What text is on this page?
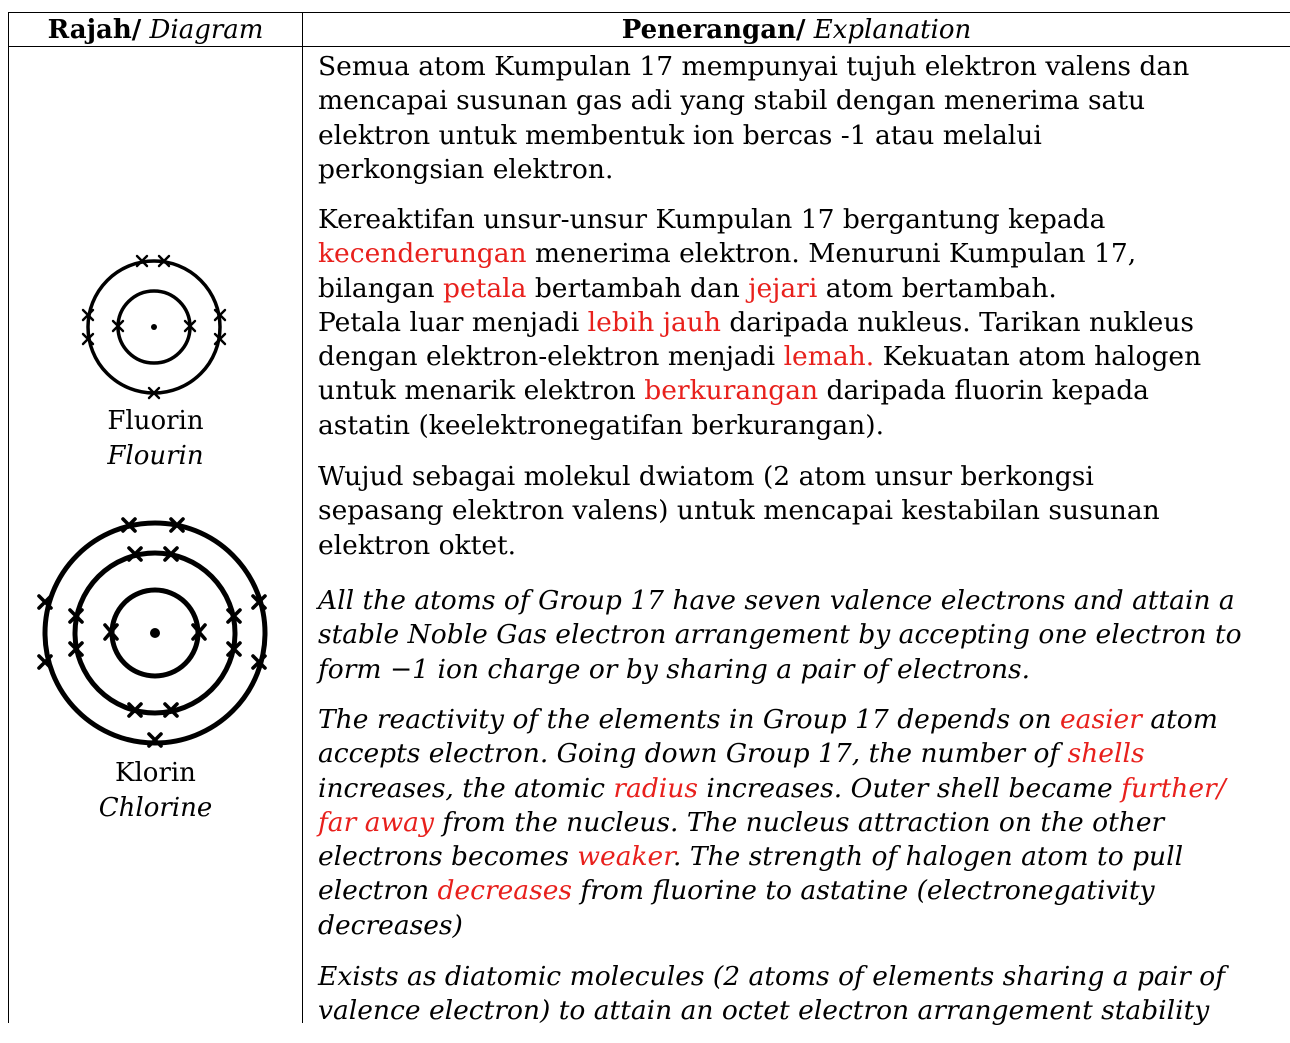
Rajah/ Diagram	Penerangan/ Explanation
Fluorin
Flourin
Klorin
Chlorine

Semua atom Kumpulan 17 mempunyai tujuh elektron valens dan

mencapai susunan gas adi yang stabil dengan menerima satu

elektron untuk membentuk ion bercas -1 atau melalui

perkongsian elektron.

Kereaktifan unsur-unsur Kumpulan 17 bergantung kepada

kecenderungan menerima elektron. Menuruni Kumpulan 17,

bilangan petala bertambah dan jejari atom bertambah.

Petala luar menjadi lebih jauh daripada nukleus. Tarikan nukleus

dengan elektron-elektron menjadi lemah. Kekuatan atom halogen

untuk menarik elektron berkurangan daripada fluorin kepada

astatin (keelektronegatifan berkurangan).

Wujud sebagai molekul dwiatom (2 atom unsur berkongsi

sepasang elektron valens) untuk mencapai kestabilan susunan

elektron oktet.

All the atoms of Group 17 have seven valence electrons and attain a

stable Noble Gas electron arrangement by accepting one electron to

form −1 ion charge or by sharing a pair of electrons.

The reactivity of the elements in Group 17 depends on easier atom

accepts electron. Going down Group 17, the number of shells

increases, the atomic radius increases. Outer shell became further/

far away from the nucleus. The nucleus attraction on the other

electrons becomes weaker. The strength of halogen atom to pull

electron decreases from fluorine to astatine (electronegativity

decreases)

Exists as diatomic molecules (2 atoms of elements sharing a pair of

valence electron) to attain an octet electron arrangement stability
